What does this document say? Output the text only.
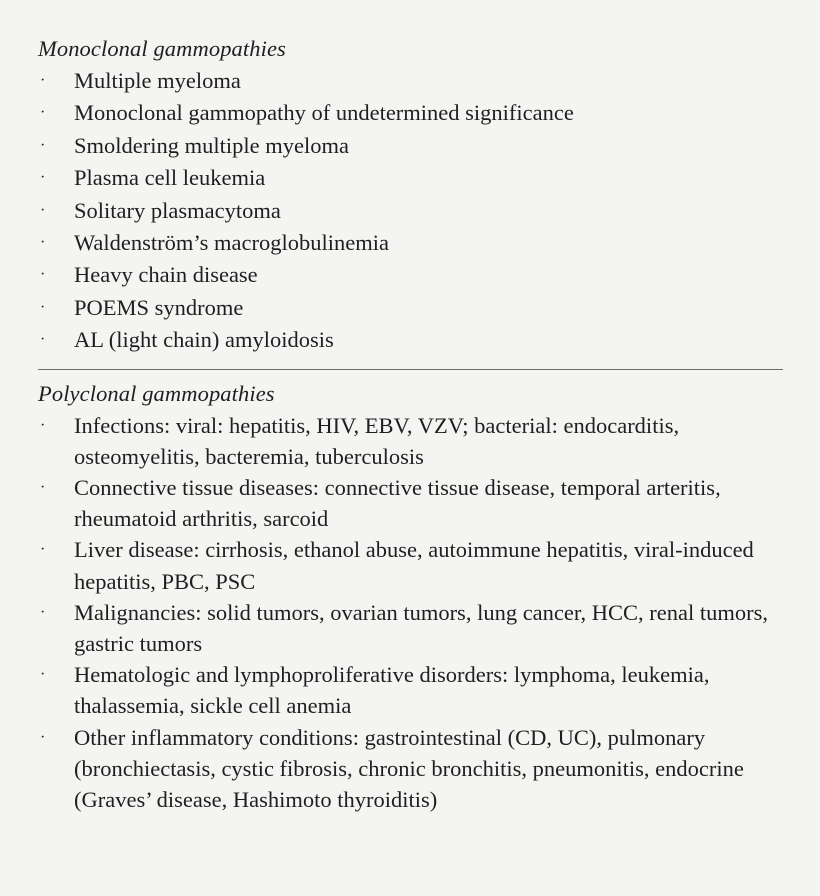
Monoclonal gammopathies
· Multiple myeloma
· Monoclonal gammopathy of undetermined significance
· Smoldering multiple myeloma
· Plasma cell leukemia
· Solitary plasmacytoma
· Waldenström’s macroglobulinemia
· Heavy chain disease
· POEMS syndrome
· AL (light chain) amyloidosis
Polyclonal gammopathies
· Infections: viral: hepatitis, HIV, EBV, VZV; bacterial: endocarditis, osteomyelitis, bacteremia, tuberculosis
· Connective tissue diseases: connective tissue disease, temporal arteritis, rheumatoid arthritis, sarcoid
· Liver disease: cirrhosis, ethanol abuse, autoimmune hepatitis, viral-induced hepatitis, PBC, PSC
· Malignancies: solid tumors, ovarian tumors, lung cancer, HCC, renal tumors, gastric tumors
· Hematologic and lymphoproliferative disorders: lymphoma, leukemia, thalassemia, sickle cell anemia
· Other inflammatory conditions: gastrointestinal (CD, UC), pulmonary (bronchiectasis, cystic fibrosis, chronic bronchitis, pneumonitis, endocrine (Graves’ disease, Hashimoto thyroiditis)
